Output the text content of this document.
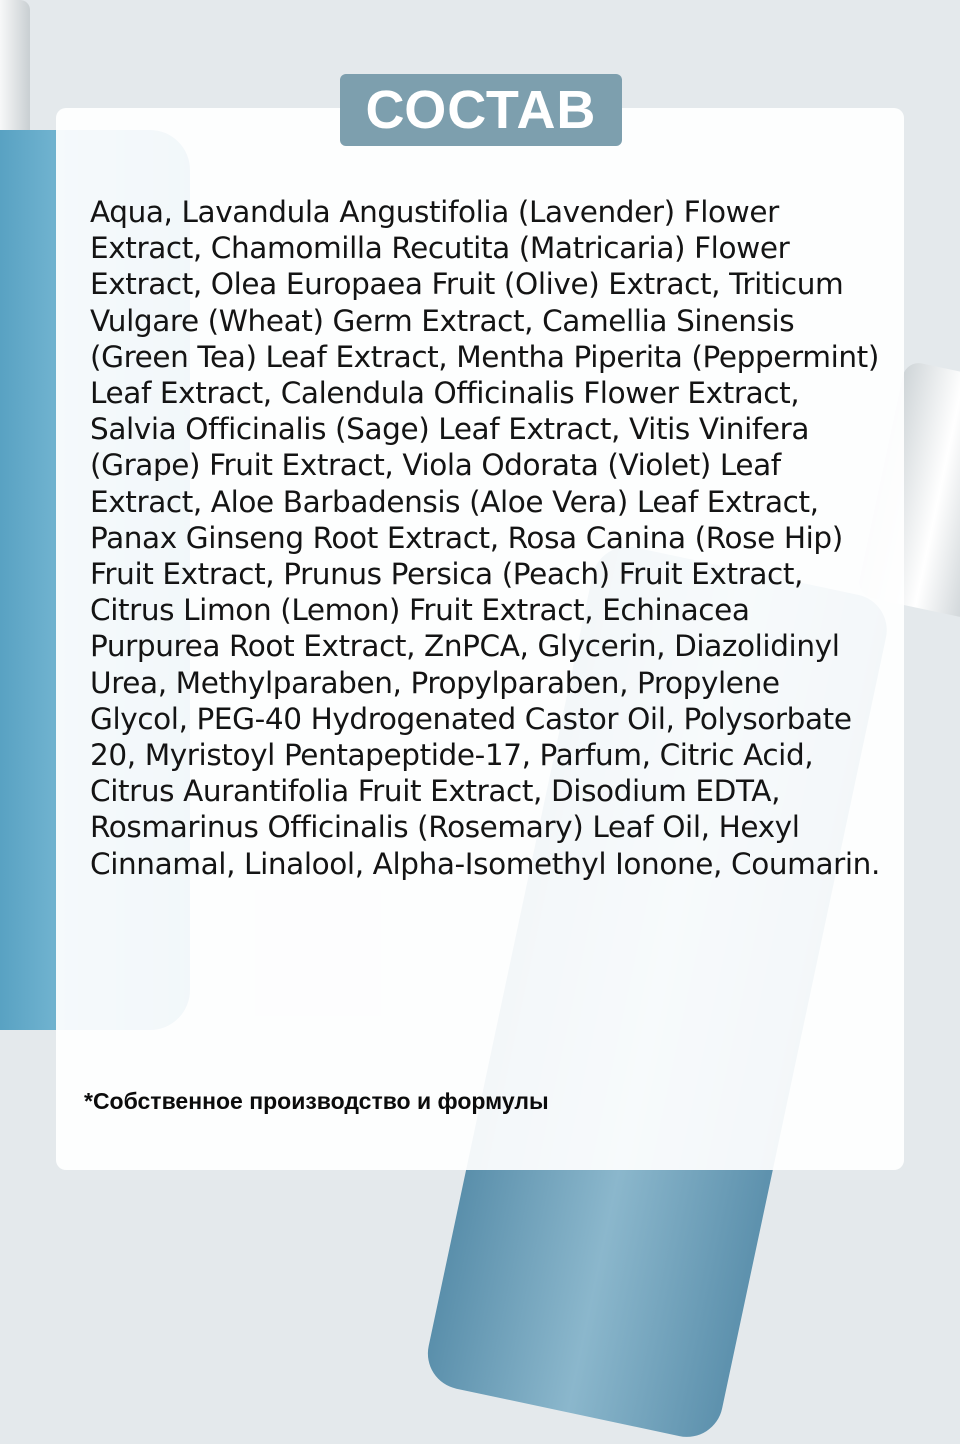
СОСТАВ

Aqua, Lavandula Angustifolia (Lavender) Flower Extract, Chamomilla Recutita (Matricaria) Flower Extract, Olea Europaea Fruit (Olive) Extract, Triticum Vulgare (Wheat) Germ Extract, Camellia Sinensis (Green Tea) Leaf Extract, Mentha Piperita (Peppermint) Leaf Extract, Calendula Officinalis Flower Extract, Salvia Officinalis (Sage) Leaf Extract, Vitis Vinifera (Grape) Fruit Extract, Viola Odorata (Violet) Leaf Extract, Aloe Barbadensis (Aloe Vera) Leaf Extract, Panax Ginseng Root Extract, Rosa Canina (Rose Hip) Fruit Extract, Prunus Persica (Peach) Fruit Extract, Citrus Limon (Lemon) Fruit Extract, Echinacea Purpurea Root Extract, ZnPCA, Glycerin, Diazolidinyl Urea, Methylparaben, Propylparaben, Propylene Glycol, PEG-40 Hydrogenated Castor Oil, Polysorbate 20, Myristoyl Pentapeptide-17, Parfum, Citric Acid, Citrus Aurantifolia Fruit Extract, Disodium EDTA, Rosmarinus Officinalis (Rosemary) Leaf Oil, Hexyl Cinnamal, Linalool, Alpha-Isomethyl Ionone, Coumarin.

*Собственное производство и формулы
